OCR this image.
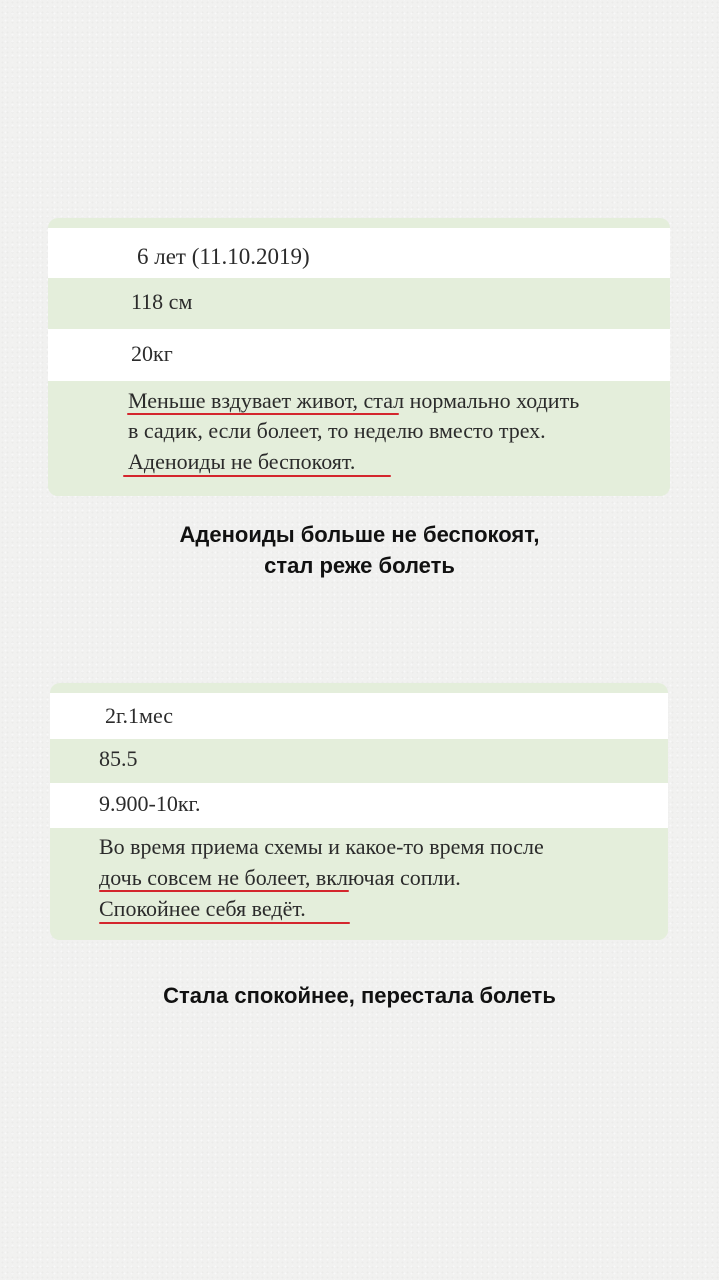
6 лет (11.10.2019)
118 см
20кг
Меньше вздувает живот, стал нормально ходить
в садик, если болеет, то неделю вместо трех.
Аденоиды не беспокоят.
Аденоиды больше не беспокоят,
стал реже болеть
2г.1мес
85.5
9.900-10кг.
Во время приема схемы и какое-то время после
дочь совсем не болеет, включая сопли.
Спокойнее себя ведёт.
Стала спокойнее, перестала болеть
